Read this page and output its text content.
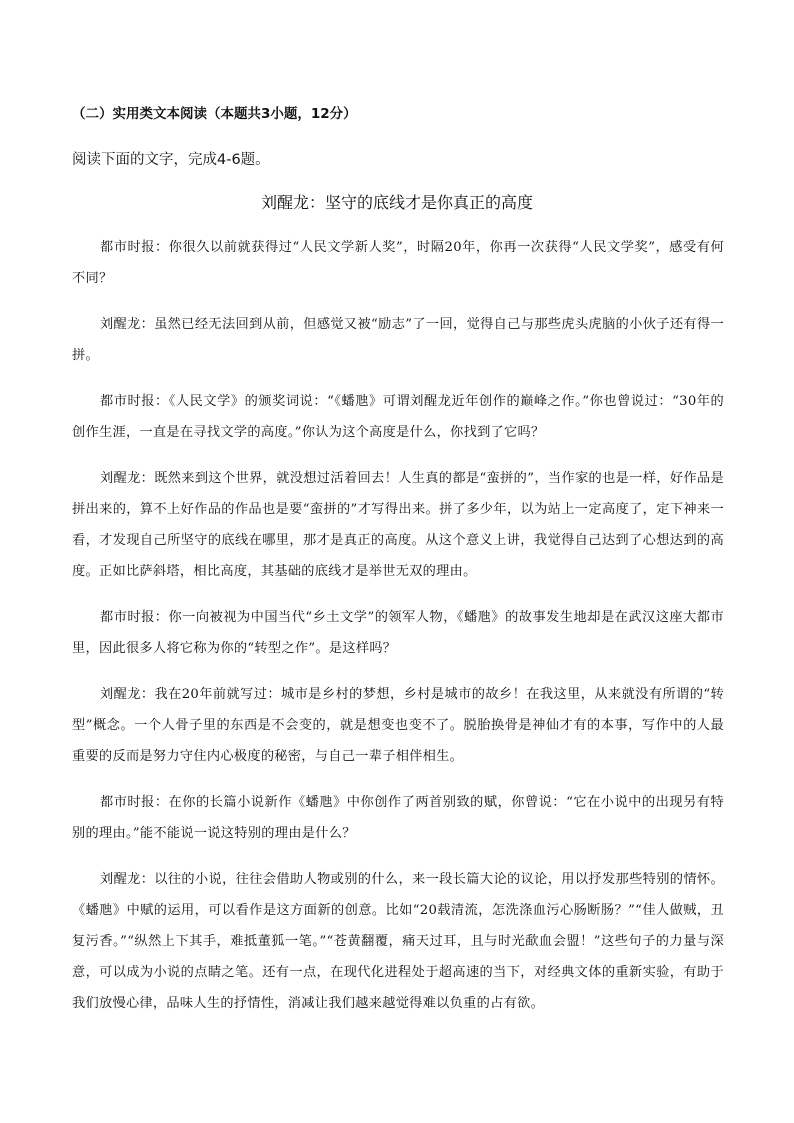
（二）实用类文本阅读（本题共3小题，12分）
阅读下面的文字，完成4-6题。
刘醒龙：坚守的底线才是你真正的高度

都市时报：你很久以前就获得过“人民文学新人奖”，时隔20年，你再一次获得“人民文学奖”，感受有何不同？

刘醒龙：虽然已经无法回到从前，但感觉又被“励志”了一回，觉得自己与那些虎头虎脑的小伙子还有得一拼。

都市时报：《人民文学》的颁奖词说：“《蟠虺》可谓刘醒龙近年创作的巅峰之作。”你也曾说过：“30年的创作生涯，一直是在寻找文学的高度。”你认为这个高度是什么，你找到了它吗？

刘醒龙：既然来到这个世界，就没想过活着回去！人生真的都是“蛮拼的”，当作家的也是一样，好作品是拼出来的，算不上好作品的作品也是要“蛮拼的”才写得出来。拼了多少年，以为站上一定高度了，定下神来一看，才发现自己所坚守的底线在哪里，那才是真正的高度。从这个意义上讲，我觉得自己达到了心想达到的高度。正如比萨斜塔，相比高度，其基础的底线才是举世无双的理由。

都市时报：你一向被视为中国当代“乡土文学”的领军人物，《蟠虺》的故事发生地却是在武汉这座大都市里，因此很多人将它称为你的“转型之作”。是这样吗？

刘醒龙：我在20年前就写过：城市是乡村的梦想，乡村是城市的故乡！在我这里，从来就没有所谓的“转型”概念。一个人骨子里的东西是不会变的，就是想变也变不了。脱胎换骨是神仙才有的本事，写作中的人最重要的反而是努力守住内心极度的秘密，与自己一辈子相伴相生。

都市时报：在你的长篇小说新作《蟠虺》中你创作了两首别致的赋，你曾说：“它在小说中的出现另有特别的理由。”能不能说一说这特别的理由是什么？

刘醒龙：以往的小说，往往会借助人物或别的什么，来一段长篇大论的议论，用以抒发那些特别的情怀。《蟠虺》中赋的运用，可以看作是这方面新的创意。比如“20载清流，怎洗涤血污心肠断肠？”“佳人做贼，丑复污香。”“纵然上下其手，难抵董狐一笔。”“苍黄翻覆，痛天过耳，且与时光歃血会盟！”这些句子的力量与深意，可以成为小说的点睛之笔。还有一点，在现代化进程处于超高速的当下，对经典文体的重新实验，有助于我们放慢心律，品味人生的抒情性，消减让我们越来越觉得难以负重的占有欲。
